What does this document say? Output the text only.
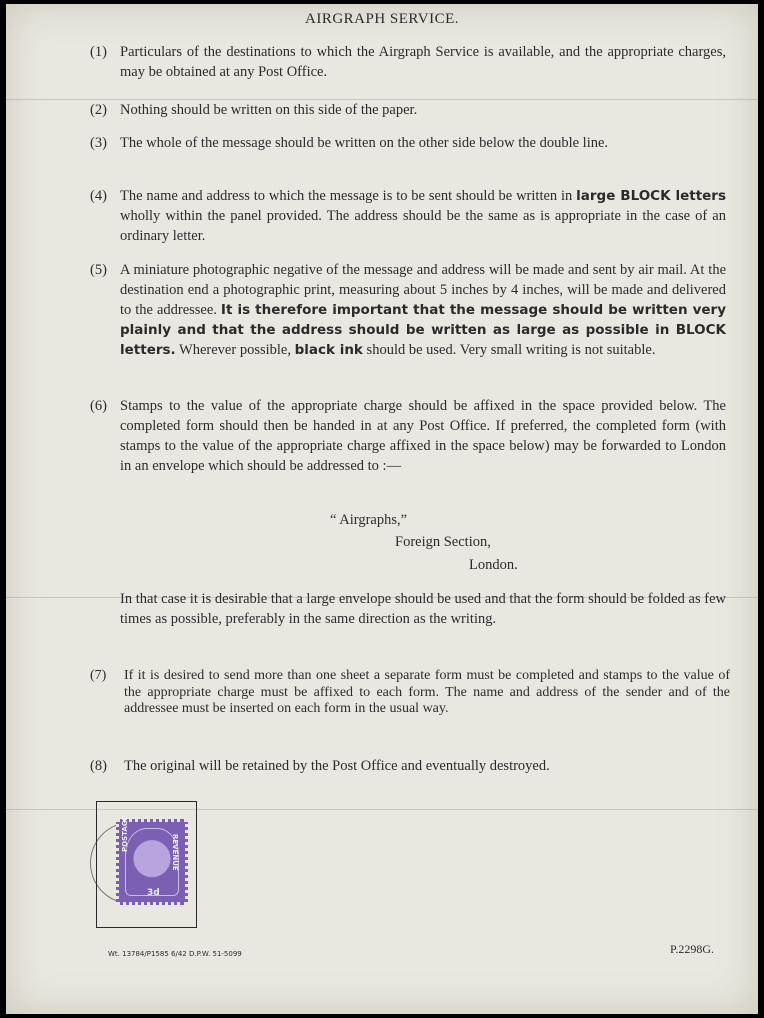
AIRGRAPH SERVICE.
(1) Particulars of the destinations to which the Airgraph Service is available, and the appropriate charges, may be obtained at any Post Office.
(2) Nothing should be written on this side of the paper.
(3) The whole of the message should be written on the other side below the double line.
(4) The name and address to which the message is to be sent should be written in large BLOCK letters wholly within the panel provided. The address should be the same as is appropriate in the case of an ordinary letter.
(5) A miniature photographic negative of the message and address will be made and sent by air mail. At the destination end a photographic print, measuring about 5 inches by 4 inches, will be made and delivered to the addressee. It is therefore important that the message should be written very plainly and that the address should be written as large as possible in BLOCK letters. Wherever possible, black ink should be used. Very small writing is not suitable.
(6) Stamps to the value of the appropriate charge should be affixed in the space provided below. The completed form should then be handed in at any Post Office. If preferred, the completed form (with stamps to the value of the appropriate charge affixed in the space below) may be forwarded to London in an envelope which should be addressed to :—
“ Airgraphs,”
Foreign Section,
London.
In that case it is desirable that a large envelope should be used and that the form should be folded as few times as possible, preferably in the same direction as the writing.
(7)	If it is desired to send more than one sheet a separate form must be completed and stamps to the value of the appropriate charge must be affixed to each form. The name and address of the sender and of the addressee must be inserted on each form in the usual way.
(8)	The original will be retained by the Post Office and eventually destroyed.
POSTAGE
REVENUE
3d
Wt. 13784/P1585 6/42 D.P.W. 51-5099	P.2298G.
